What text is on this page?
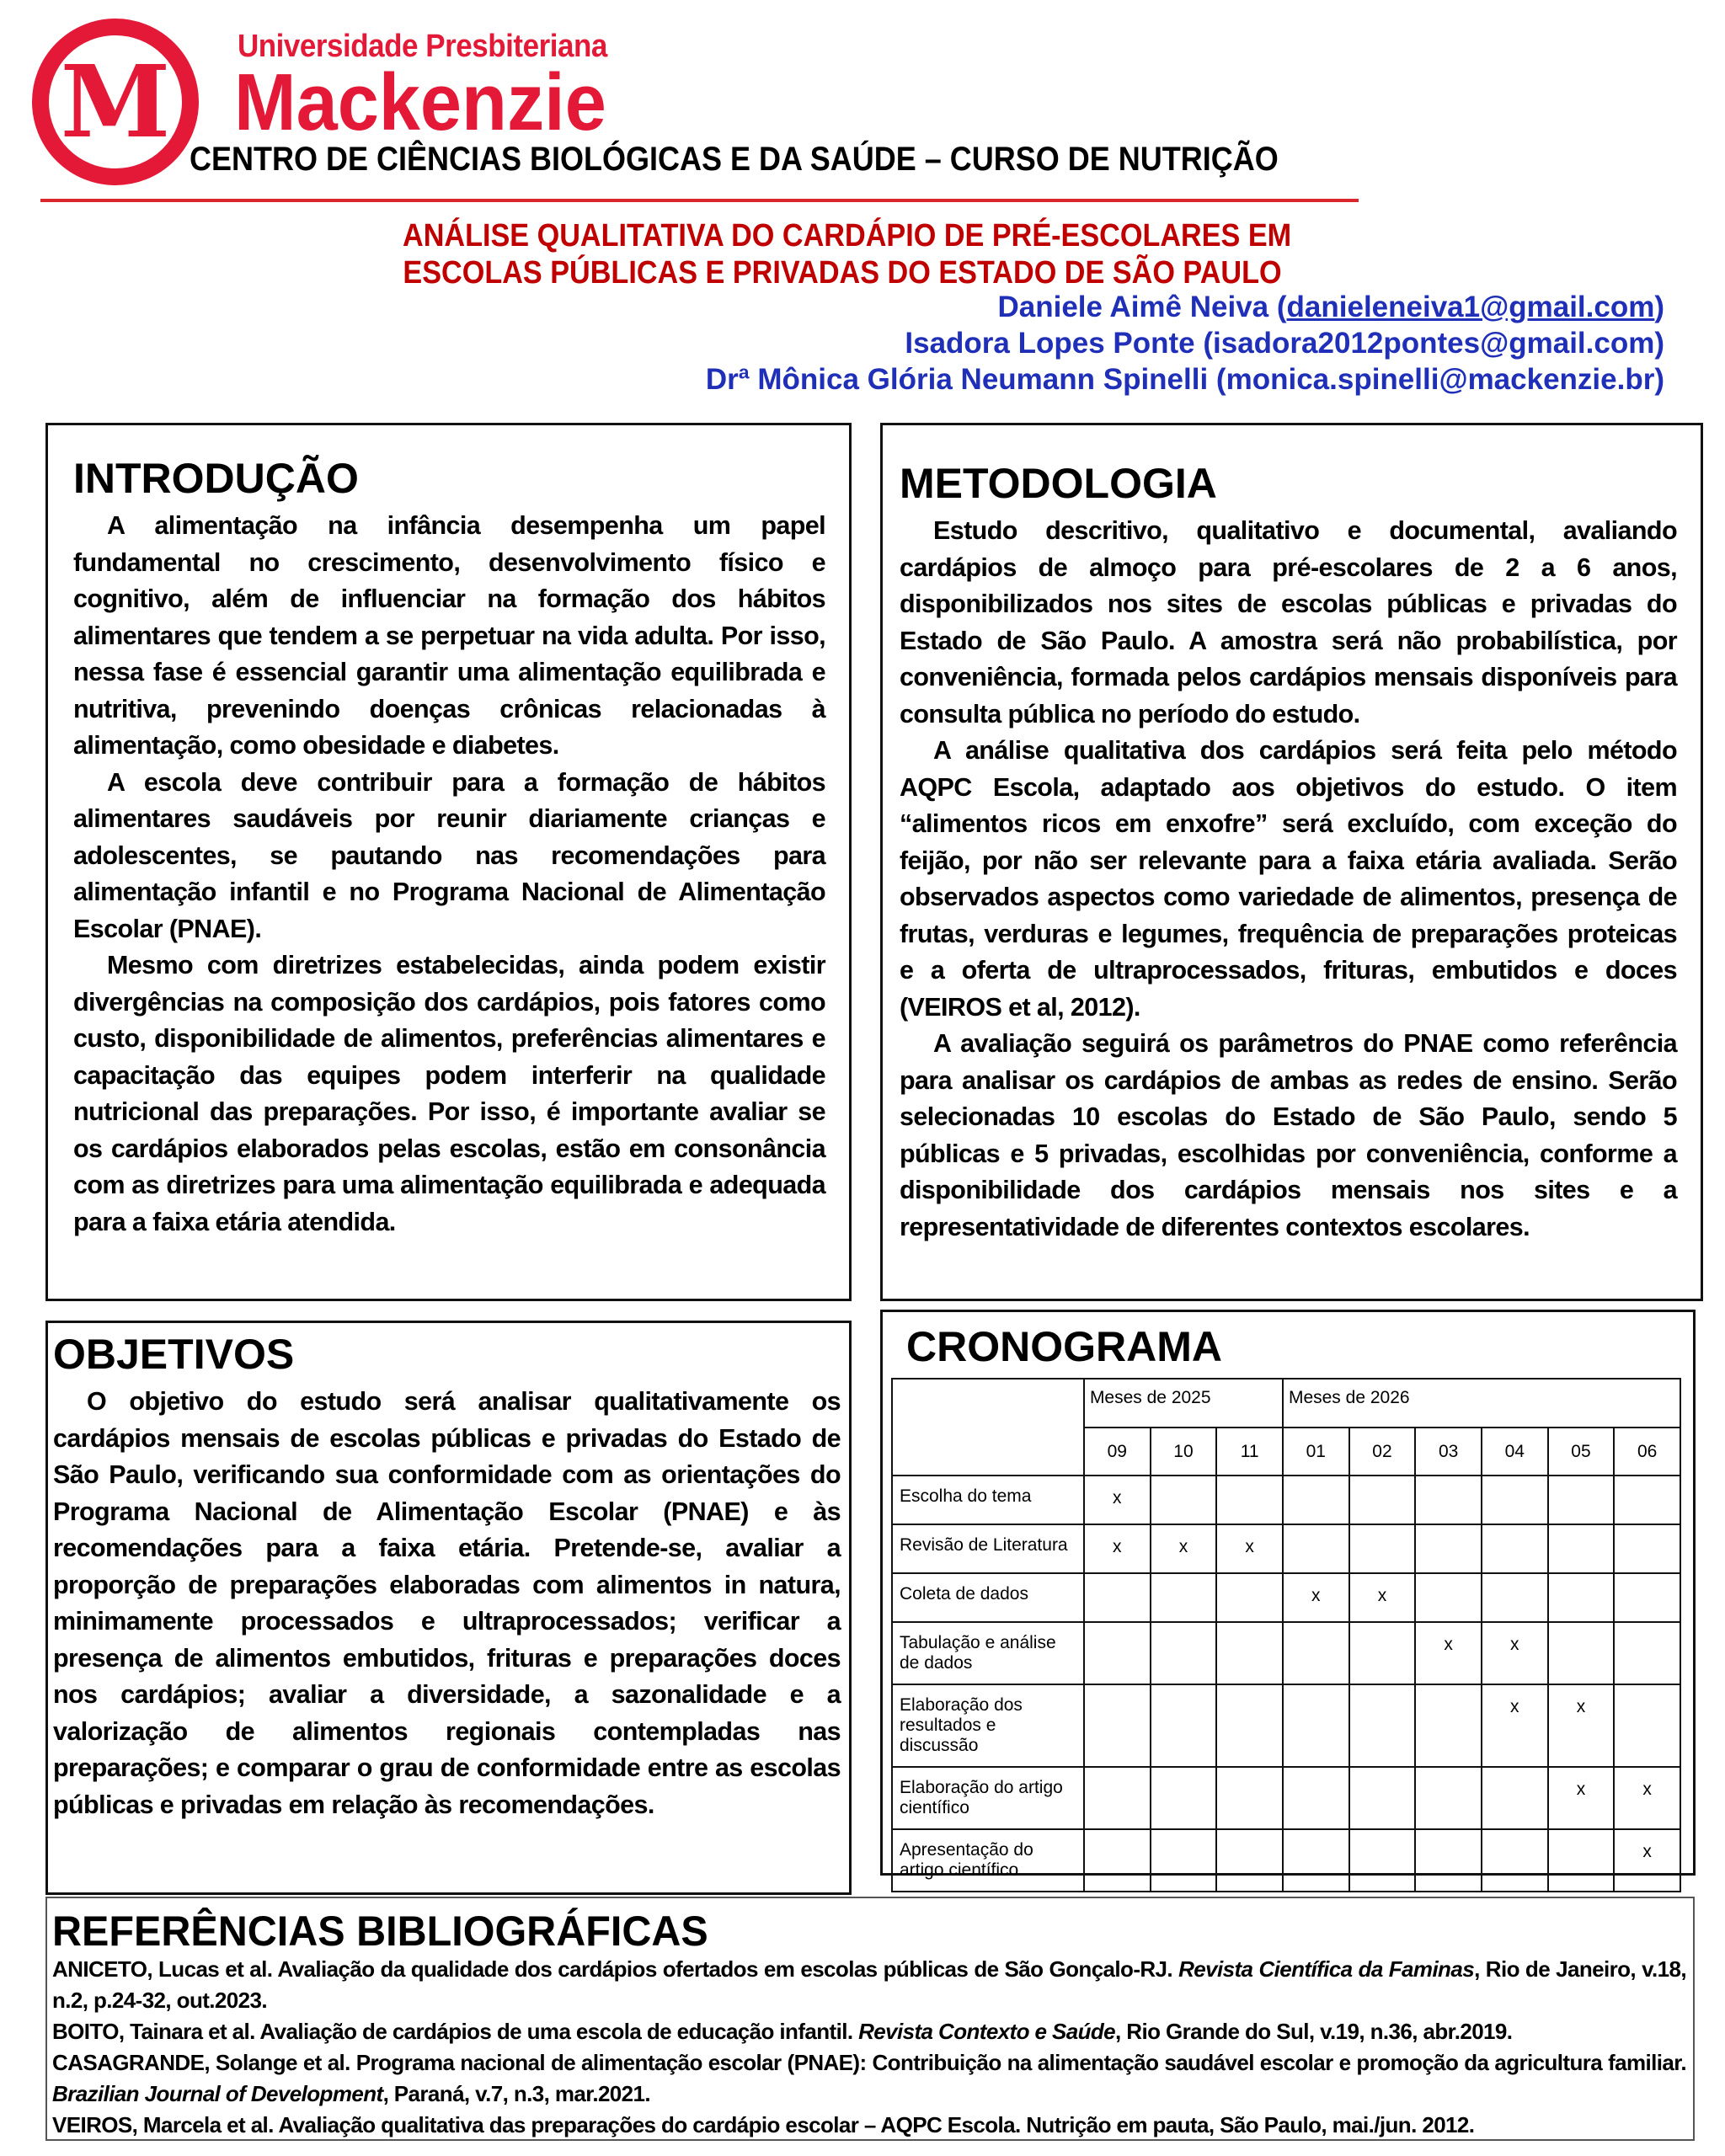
M	Universidade Presbiteriana
Mackenzie
CENTRO DE CIÊNCIAS BIOLÓGICAS E DA SAÚDE – CURSO DE NUTRIÇÃO
ANÁLISE QUALITATIVA DO CARDÁPIO DE PRÉ-ESCOLARES EM
ESCOLAS PÚBLICAS E PRIVADAS DO ESTADO DE SÃO PAULO
Daniele Aimê Neiva (danieleneiva1@gmail.com)
Isadora Lopes Ponte (isadora2012pontes@gmail.com)
Drª Mônica Glória Neumann Spinelli (monica.spinelli@mackenzie.br)
INTRODUÇÃO

A alimentação na infância desempenha um papel fundamental no crescimento, desenvolvimento físico e cognitivo, além de influenciar na formação dos hábitos alimentares que tendem a se perpetuar na vida adulta. Por isso, nessa fase é essencial garantir uma alimentação equilibrada e nutritiva, prevenindo doenças crônicas relacionadas à alimentação, como obesidade e diabetes.

A escola deve contribuir para a formação de hábitos alimentares saudáveis por reunir diariamente crianças e adolescentes, se pautando nas recomendações para alimentação infantil e no Programa Nacional de Alimentação Escolar (PNAE).

Mesmo com diretrizes estabelecidas, ainda podem existir divergências na composição dos cardápios, pois fatores como custo, disponibilidade de alimentos, preferências alimentares e capacitação das equipes podem interferir na qualidade nutricional das preparações. Por isso, é importante avaliar se os cardápios elaborados pelas escolas, estão em consonância com as diretrizes para uma alimentação equilibrada e adequada para a faixa etária atendida.

METODOLOGIA

Estudo descritivo, qualitativo e documental, avaliando cardápios de almoço para pré-escolares de 2 a 6 anos, disponibilizados nos sites de escolas públicas e privadas do Estado de São Paulo. A amostra será não probabilística, por conveniência, formada pelos cardápios mensais disponíveis para consulta pública no período do estudo.

A análise qualitativa dos cardápios será feita pelo método AQPC Escola, adaptado aos objetivos do estudo. O item “alimentos ricos em enxofre” será excluído, com exceção do feijão, por não ser relevante para a faixa etária avaliada. Serão observados aspectos como variedade de alimentos, presença de frutas, verduras e legumes, frequência de preparações proteicas e a oferta de ultraprocessados, frituras, embutidos e doces (VEIROS et al, 2012).

A avaliação seguirá os parâmetros do PNAE como referência para analisar os cardápios de ambas as redes de ensino. Serão selecionadas 10 escolas do Estado de São Paulo, sendo 5 públicas e 5 privadas, escolhidas por conveniência, conforme a disponibilidade dos cardápios mensais nos sites e a representatividade de diferentes contextos escolares.

OBJETIVOS

O objetivo do estudo será analisar qualitativamente os cardápios mensais de escolas públicas e privadas do Estado de São Paulo, verificando sua conformidade com as orientações do Programa Nacional de Alimentação Escolar (PNAE) e às recomendações para a faixa etária. Pretende-se, avaliar a proporção de preparações elaboradas com alimentos in natura, minimamente processados e ultraprocessados; verificar a presença de alimentos embutidos, frituras e preparações doces nos cardápios; avaliar a diversidade, a sazonalidade e a valorização de alimentos regionais contempladas nas preparações; e comparar o grau de conformidade entre as escolas públicas e privadas em relação às recomendações.

CRONOGRAMA
	Meses de 2025			Meses de 2026					
	09	10	11	01	02	03	04	05	06
Escolha do tema	x								
Revisão de Literatura	x	x	x						
Coleta de dados				x	x				
Tabulação e análise de dados						x	x		
Elaboração dos resultados e discussão							x	x	
Elaboração do artigo científico								x	x
Apresentação do artigo científico									x
REFERÊNCIAS BIBLIOGRÁFICAS

ANICETO, Lucas et al. Avaliação da qualidade dos cardápios ofertados em escolas públicas de São Gonçalo-RJ. Revista Científica da Faminas, Rio de Janeiro, v.18, n.2, p.24-32, out.2023.

BOITO, Tainara et al. Avaliação de cardápios de uma escola de educação infantil. Revista Contexto e Saúde, Rio Grande do Sul, v.19, n.36, abr.2019.

CASAGRANDE, Solange et al. Programa nacional de alimentação escolar (PNAE): Contribuição na alimentação saudável escolar e promoção da agricultura familiar. Brazilian Journal of Development, Paraná, v.7, n.3, mar.2021.

VEIROS, Marcela et al. Avaliação qualitativa das preparações do cardápio escolar – AQPC Escola. Nutrição em pauta, São Paulo, mai./jun. 2012.
